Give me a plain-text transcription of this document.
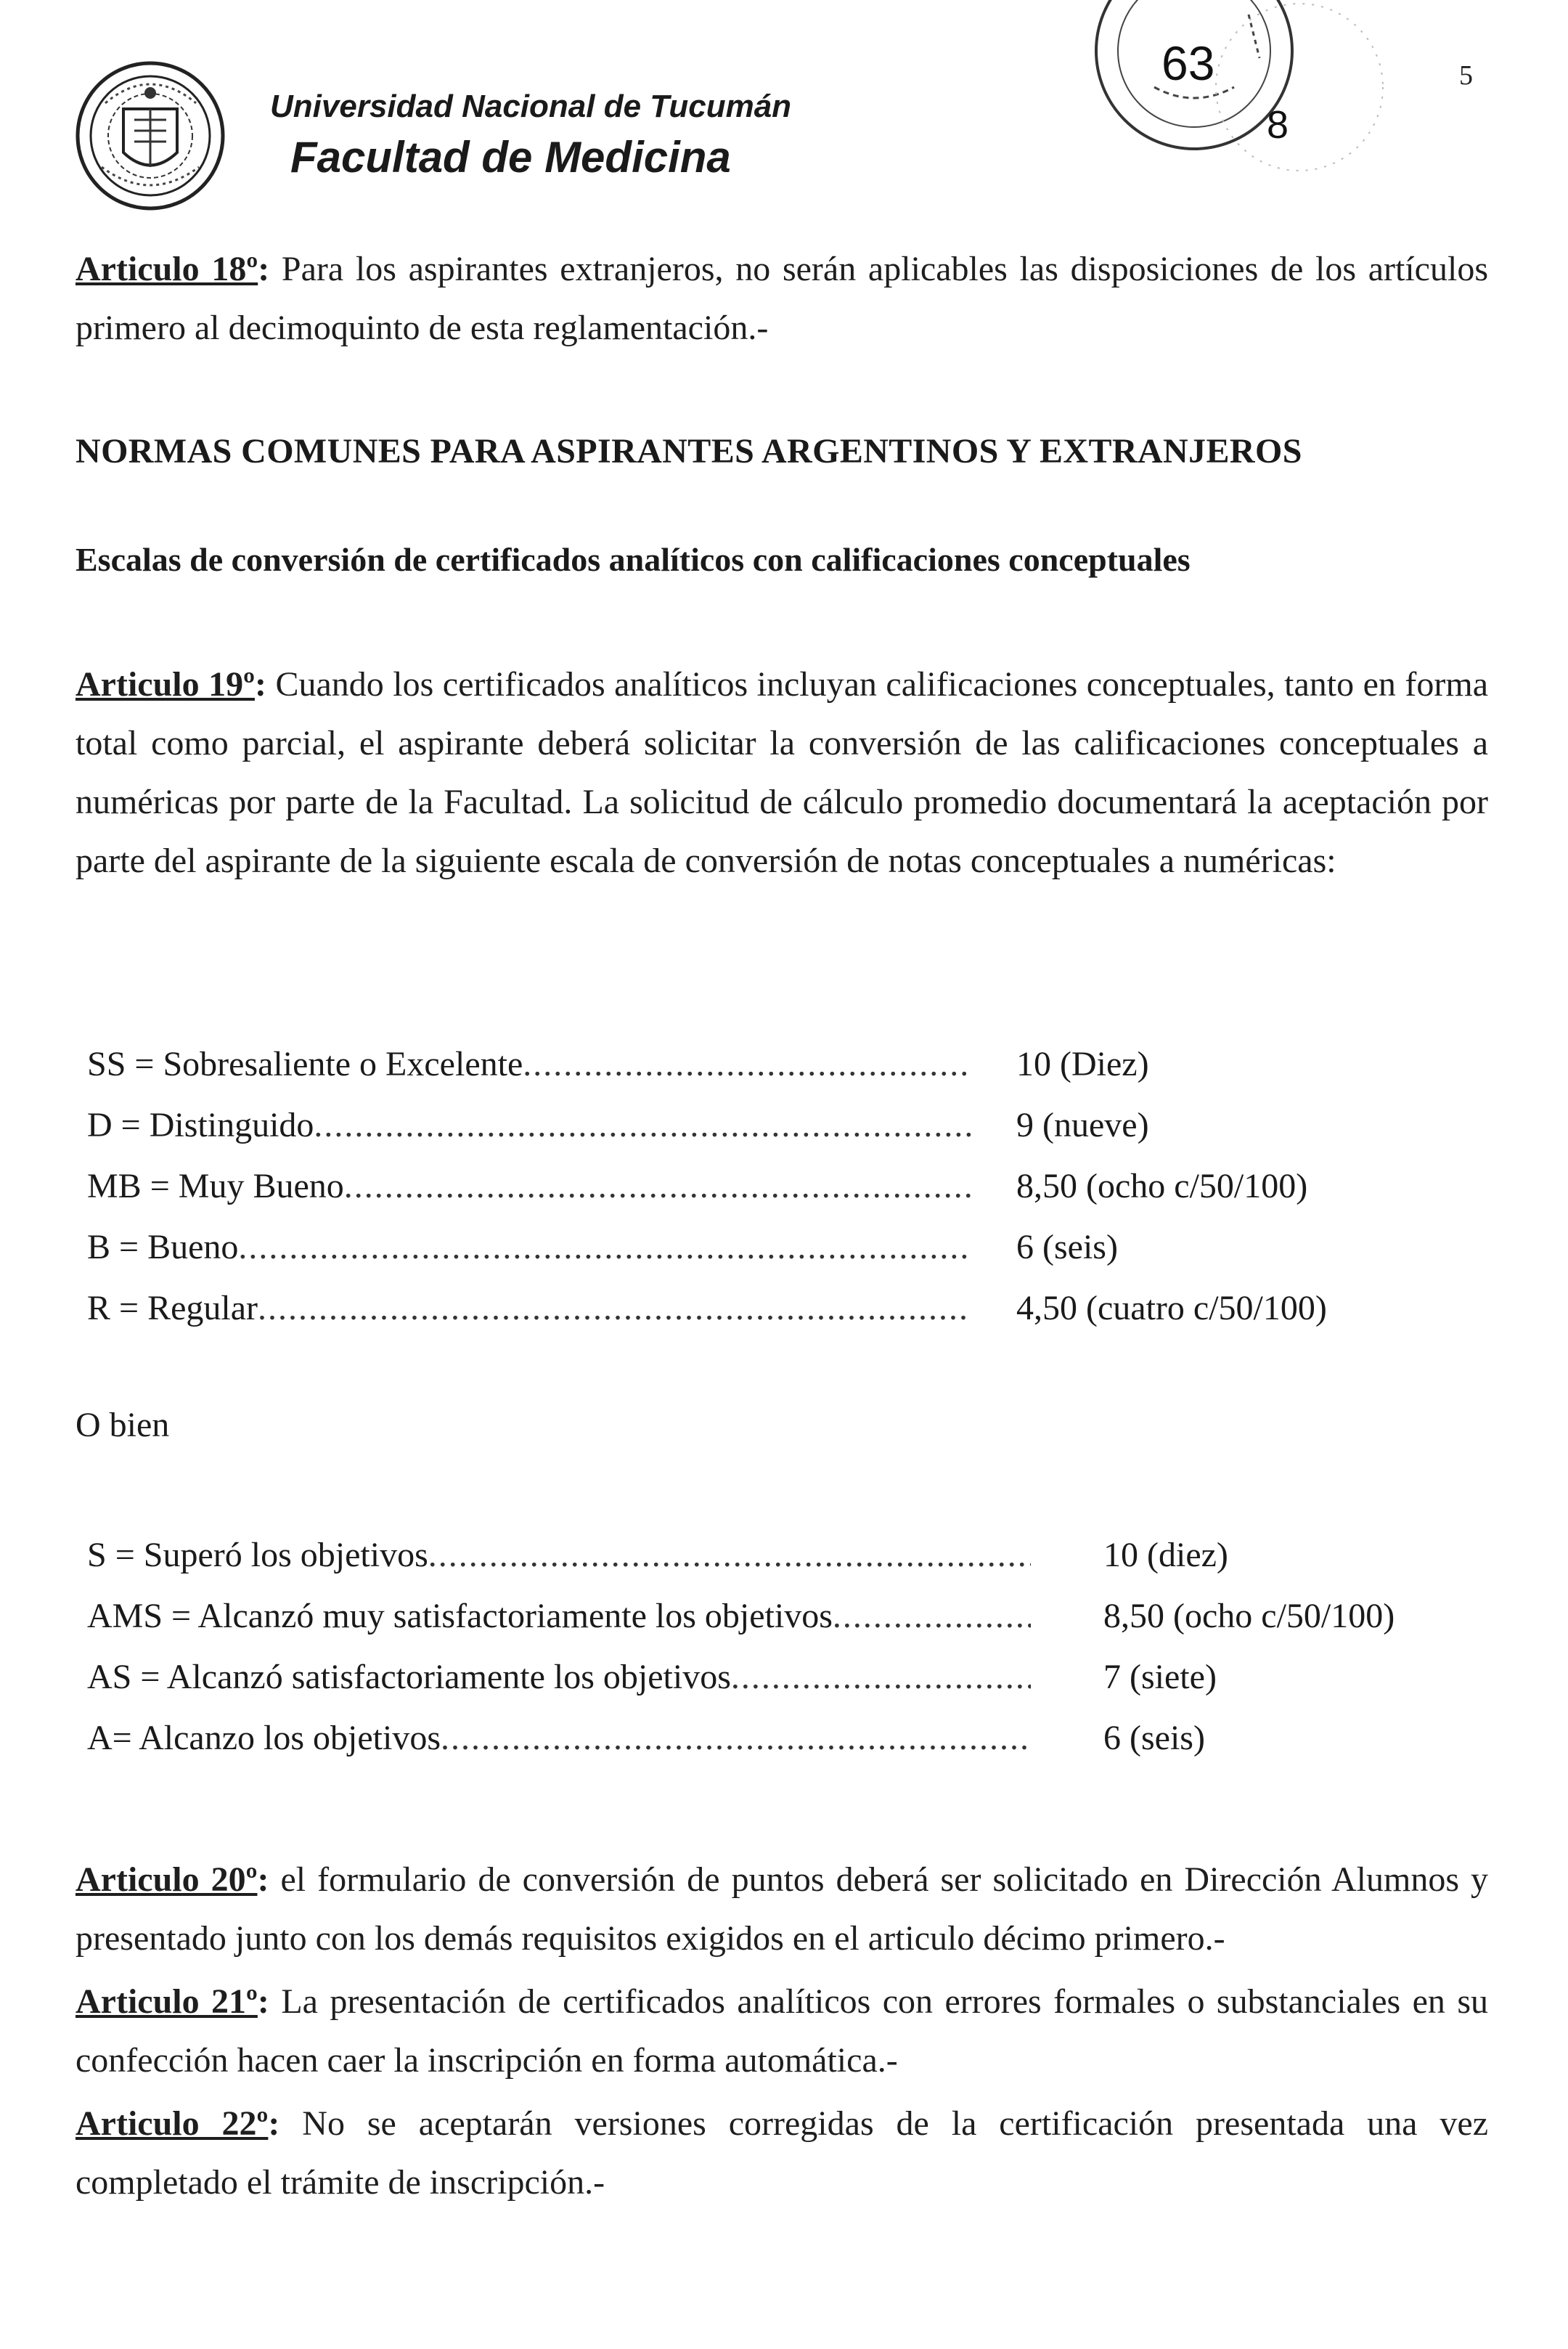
Universidad Nacional de Tucumán
Facultad de Medicina
63
8
5
Articulo 18º: Para los aspirantes extranjeros, no serán aplicables las disposiciones de los artículos primero al decimoquinto de esta reglamentación.-
NORMAS COMUNES PARA ASPIRANTES ARGENTINOS Y EXTRANJEROS
Escalas de conversión de certificados analíticos con calificaciones conceptuales
Articulo 19º: Cuando los certificados analíticos incluyan calificaciones conceptuales, tanto en forma total como parcial, el aspirante deberá solicitar la conversión de las calificaciones conceptuales a numéricas por parte de la Facultad. La solicitud de cálculo promedio documentará la aceptación por parte del aspirante de la siguiente escala de conversión de notas conceptuales a numéricas:
SS = Sobresaliente o Excelente .....	10 (Diez)
D = Distinguido .....	9 (nueve)
MB = Muy Bueno .....	8,50 (ocho c/50/100)
B = Bueno .....	6 (seis)
R = Regular .....	4,50 (cuatro c/50/100)
O bien
S = Superó los objetivos .....	10 (diez)
AMS = Alcanzó muy satisfactoriamente los objetivos .....	8,50 (ocho c/50/100)
AS = Alcanzó satisfactoriamente los objetivos .....	7 (siete)
A= Alcanzo los objetivos .....	6 (seis)
Articulo 20º: el formulario de conversión de puntos deberá ser solicitado en Dirección Alumnos y presentado junto con los demás requisitos exigidos en el articulo décimo primero.-
Articulo 21º: La presentación de certificados analíticos con errores formales o substanciales en su confección hacen caer la inscripción en forma automática.-
Articulo 22º: No se aceptarán versiones corregidas de la certificación presentada una vez completado el trámite de inscripción.-
